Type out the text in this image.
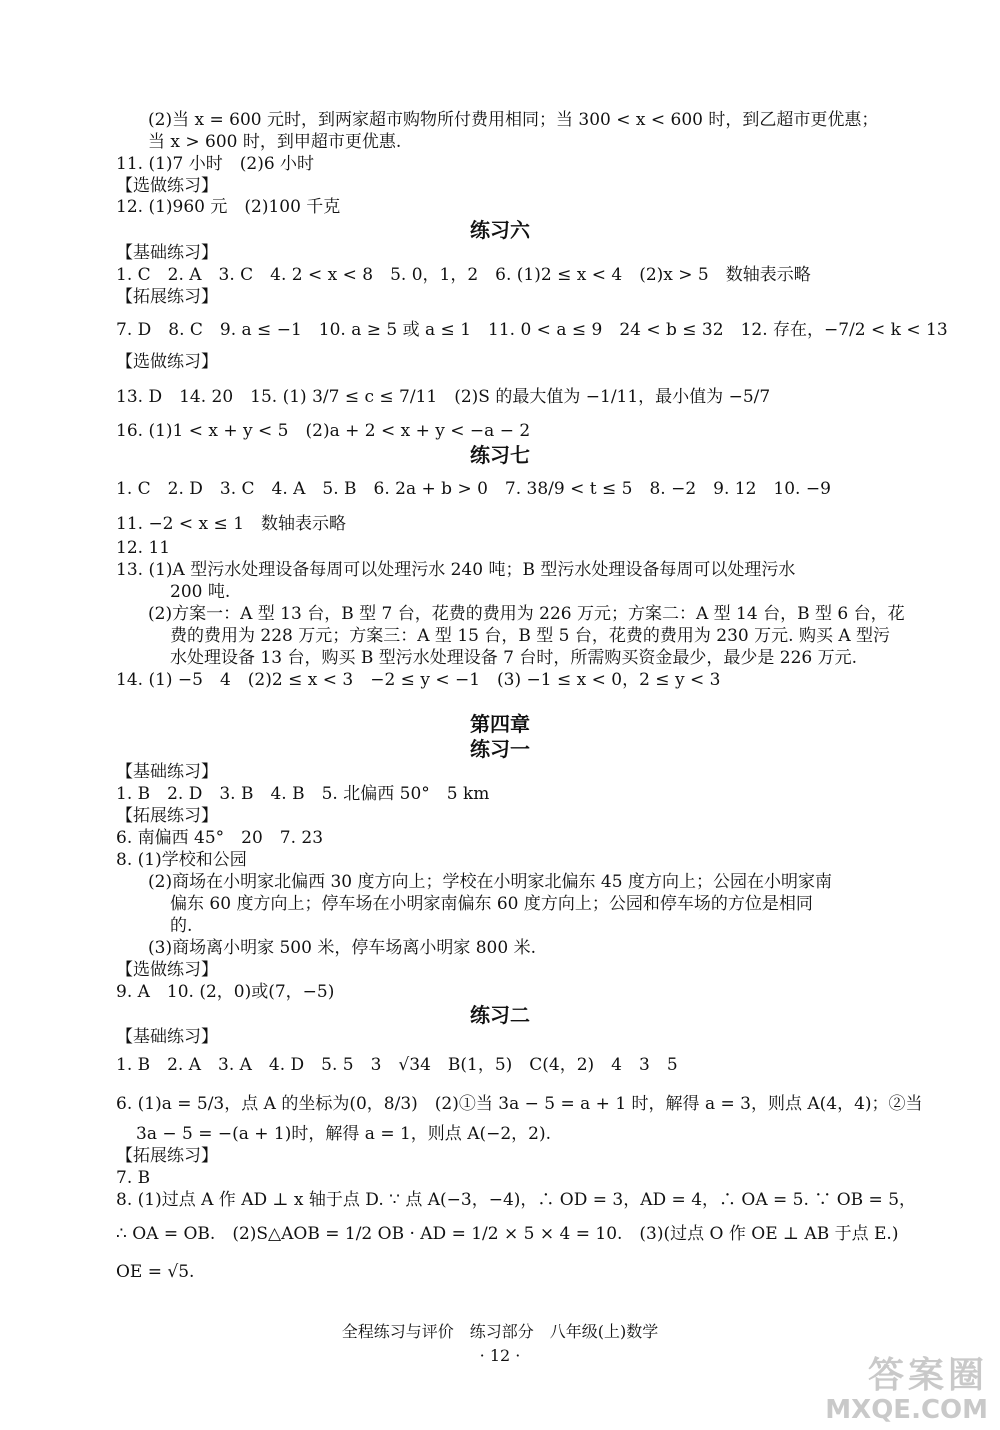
(2)当 x = 600 元时，到两家超市购物所付费用相同；当 300 < x < 600 时，到乙超市更优惠；
当 x > 600 时，到甲超市更优惠.
11. (1)7 小时　(2)6 小时
【选做练习】
12. (1)960 元　(2)100 千克
练习六
【基础练习】
1. C　2. A　3. C　4. 2 < x < 8　5. 0，1，2　6. (1)2 ≤ x < 4　(2)x > 5　数轴表示略
【拓展练习】
7. D　8. C　9. a ≤ −1　10. a ≥ 5 或 a ≤ 1　11. 0 < a ≤ 9　24 < b ≤ 32　12. 存在，−7/2 < k < 13
【选做练习】
13. D　14. 20　15. (1) 3/7 ≤ c ≤ 7/11　(2)S 的最大值为 −1/11，最小值为 −5/7
16. (1)1 < x + y < 5　(2)a + 2 < x + y < −a − 2
练习七
1. C　2. D　3. C　4. A　5. B　6. 2a + b > 0　7. 38/9 < t ≤ 5　8. −2　9. 12　10. −9
11. −2 < x ≤ 1　数轴表示略
12. 11
13. (1)A 型污水处理设备每周可以处理污水 240 吨；B 型污水处理设备每周可以处理污水
200 吨.
(2)方案一：A 型 13 台，B 型 7 台，花费的费用为 226 万元；方案二：A 型 14 台，B 型 6 台，花
费的费用为 228 万元；方案三：A 型 15 台，B 型 5 台，花费的费用为 230 万元. 购买 A 型污
水处理设备 13 台，购买 B 型污水处理设备 7 台时，所需购买资金最少，最少是 226 万元.
14. (1) −5　4　(2)2 ≤ x < 3　−2 ≤ y < −1　(3) −1 ≤ x < 0，2 ≤ y < 3
第四章
练习一
【基础练习】
1. B　2. D　3. B　4. B　5. 北偏西 50°　5 km
【拓展练习】
6. 南偏西 45°　20　7. 23
8. (1)学校和公园
(2)商场在小明家北偏西 30 度方向上；学校在小明家北偏东 45 度方向上；公园在小明家南
偏东 60 度方向上；停车场在小明家南偏东 60 度方向上；公园和停车场的方位是相同
的.
(3)商场离小明家 500 米，停车场离小明家 800 米.
【选做练习】
9. A　10. (2，0)或(7，−5)
练习二
【基础练习】
1. B　2. A　3. A　4. D　5. 5　3　√34　B(1，5)　C(4，2)　4　3　5
6. (1)a = 5/3，点 A 的坐标为(0，8/3)　(2)①当 3a − 5 = a + 1 时，解得 a = 3，则点 A(4，4)；②当
3a − 5 = −(a + 1)时，解得 a = 1，则点 A(−2，2).
【拓展练习】
7. B
8. (1)过点 A 作 AD ⊥ x 轴于点 D. ∵ 点 A(−3，−4)，∴ OD = 3，AD = 4，∴ OA = 5. ∵ OB = 5，
∴ OA = OB.　(2)S△AOB = 1/2 OB · AD = 1/2 × 5 × 4 = 10.　(3)(过点 O 作 OE ⊥ AB 于点 E.)
OE = √5.
全程练习与评价　练习部分　八年级(上)数学
· 12 ·	答案圈
MXQE.COM
